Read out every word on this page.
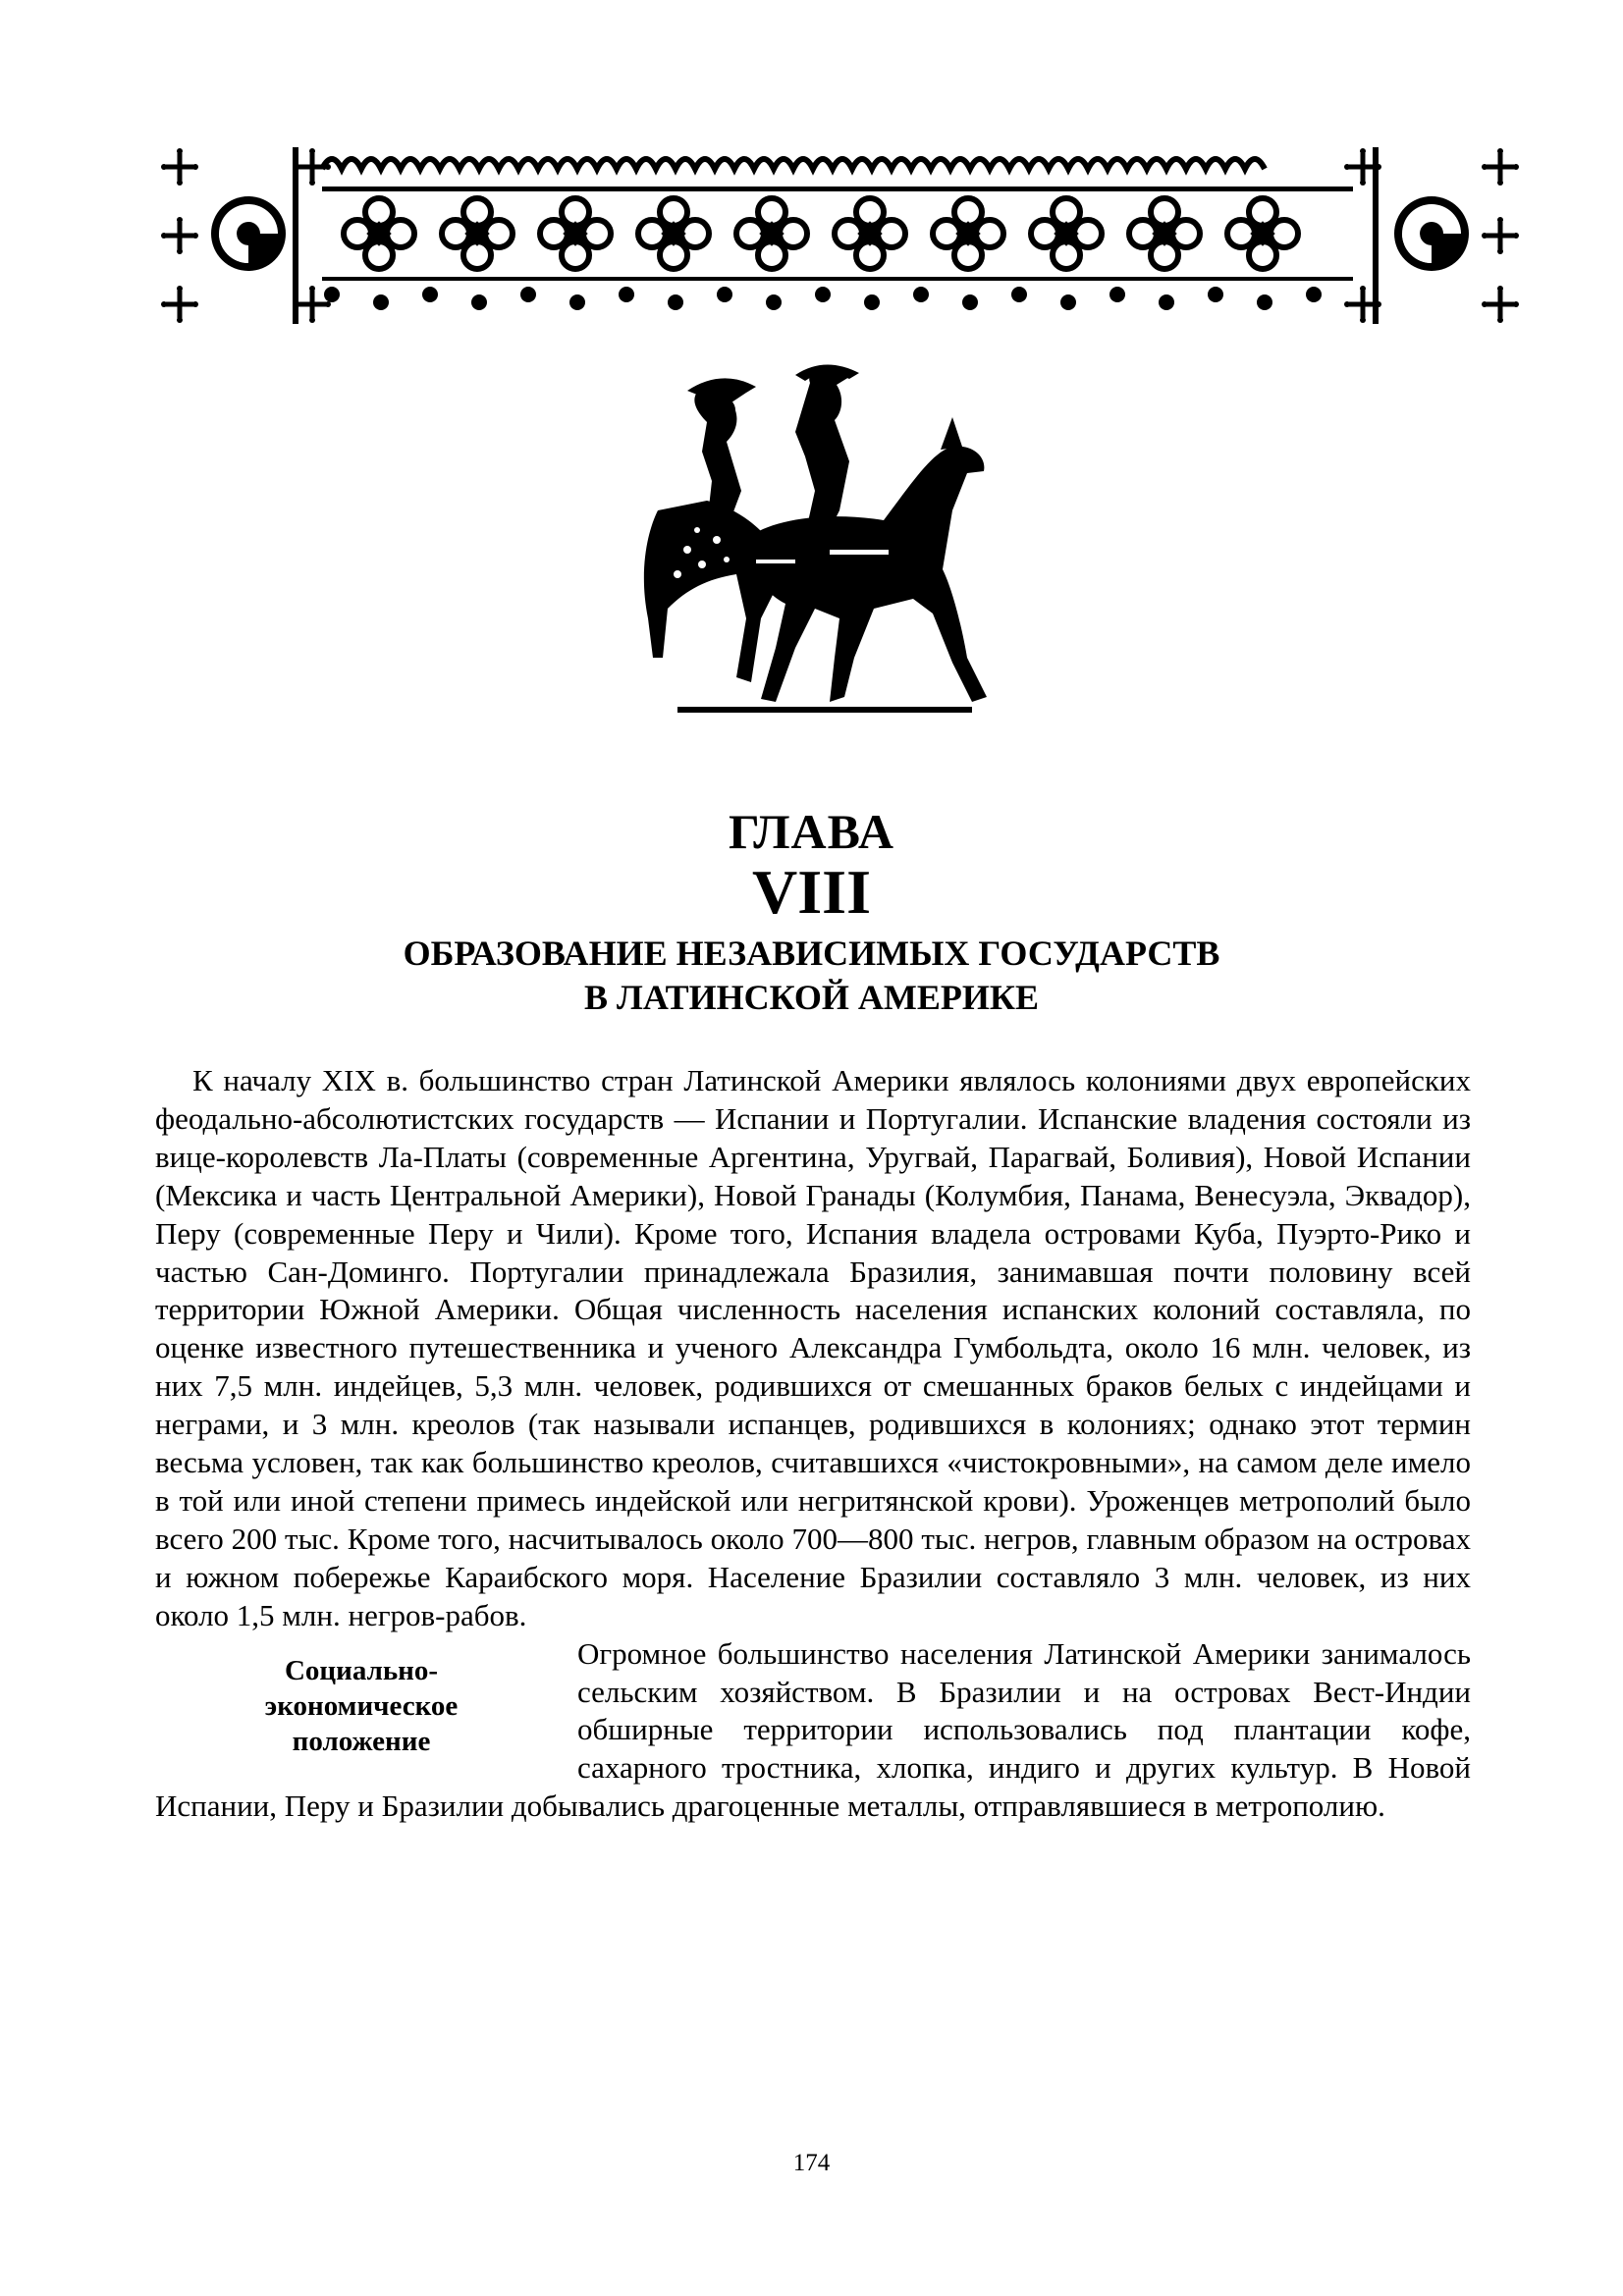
ГЛАВА
VIII
ОБРАЗОВАНИЕ НЕЗАВИСИМЫХ ГОСУДАРСТВ
В ЛАТИНСКОЙ АМЕРИКЕ

К началу XIX в. большинство стран Латинской Америки являлось колониями двух европейских феодально-абсолютистских государств — Испании и Португалии. Испанские владения состояли из вице-королевств Ла-Платы (современные Аргентина, Уругвай, Парагвай, Боливия), Новой Испании (Мексика и часть Центральной Америки), Новой Гранады (Колумбия, Панама, Венесуэла, Эквадор), Перу (современные Перу и Чили). Кроме того, Испания владела островами Куба, Пуэрто-Рико и частью Сан-Доминго. Португалии принадлежала Бразилия, занимавшая почти половину всей территории Южной Америки. Общая численность населения испанских колоний составляла, по оценке известного путешественника и ученого Александра Гумбольдта, около 16 млн. человек, из них 7,5 млн. индейцев, 5,3 млн. человек, родившихся от смешанных браков белых с индейцами и неграми, и 3 млн. креолов (так называли испанцев, родившихся в колониях; однако этот термин весьма условен, так как большинство креолов, считавшихся «чистокровными», на самом деле имело в той или иной степени примесь индейской или негритянской крови). Уроженцев метрополий было всего 200 тыс. Кроме того, насчитывалось около 700—800 тыс. негров, главным образом на островах и южном побережье Караибского моря. Население Бразилии составляло 3 млн. человек, из них около 1,5 млн. негров-рабов.

Социально-
экономическое
положение

Огромное большинство населения Латинской Америки занималось сельским хозяйством. В Бразилии и на островах Вест-Индии обширные территории использовались под плантации кофе, сахарного тростника, хлопка, индиго и других культур. В Новой Испании, Перу и Бразилии добывались драгоценные металлы, отправлявшиеся в метрополию.

174
